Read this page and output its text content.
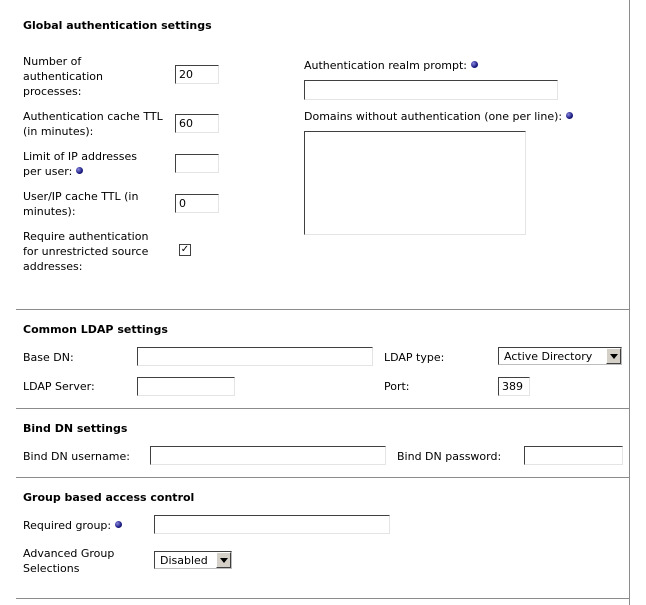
Global authentication settings
Number of authentication processes:
20
Authentication cache TTL (in minutes):
60
Limit of IP addresses per user:
User/IP cache TTL (in minutes):
0
Require authentication for unrestricted source addresses:
✓
Authentication realm prompt:
Domains without authentication (one per line):
Common LDAP settings
Base DN:	LDAP type:	Active Directory
LDAP Server:	Port:	389
Bind DN settings
Bind DN username:	Bind DN password:
Group based access control
Required group:
Advanced Group Selections
Disabled
